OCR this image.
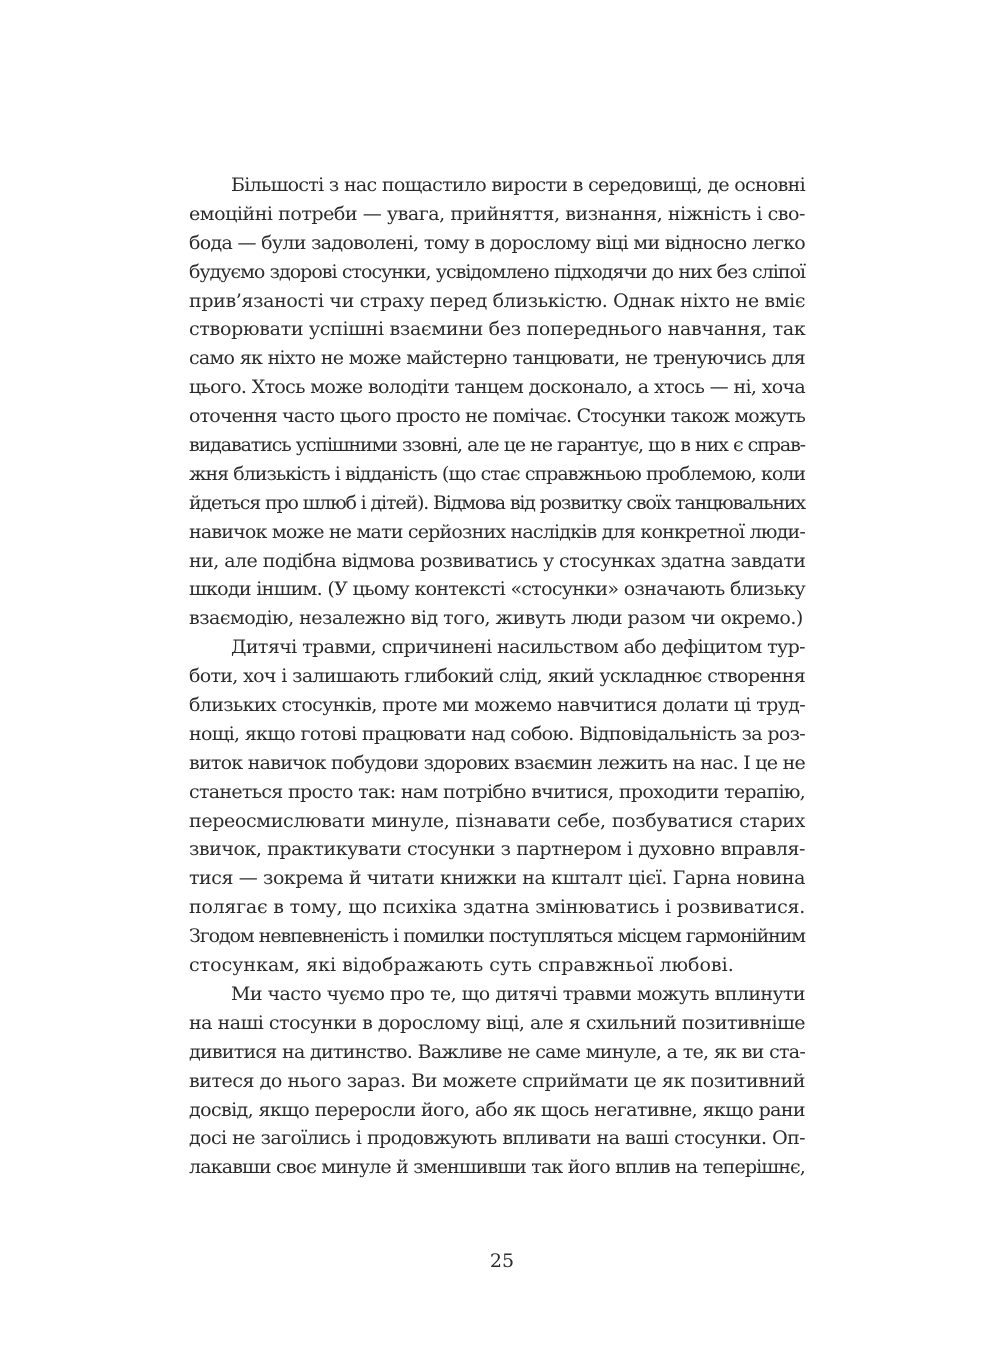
Більшості з нас пощастило вирости в середовищі, де основні
емоційні потреби — увага, прийняття, визнання, ніжність і сво-
бода — були задоволені, тому в дорослому віці ми відносно легко
будуємо здорові стосунки, усвідомлено підходячи до них без сліпої
прив’язаності чи страху перед близькістю. Однак ніхто не вміє
створювати успішні взаємини без попереднього навчання, так
само як ніхто не може майстерно танцювати, не тренуючись для
цього. Хтось може володіти танцем досконало, а хтось — ні, хоча
оточення часто цього просто не помічає. Стосунки також можуть
видаватись успішними ззовні, але це не гарантує, що в них є справ-
жня близькість і відданість (що стає справжньою проблемою, коли
йдеться про шлюб і дітей). Відмова від розвитку своїх танцювальних
навичок може не мати серйозних наслідків для конкретної люди-
ни, але подібна відмова розвиватись у стосунках здатна завдати
шкоди іншим. (У цьому контексті «стосунки» означають близьку
взаємодію, незалежно від того, живуть люди разом чи окремо.)
Дитячі травми, спричинені насильством або дефіцитом тур-
боти, хоч і залишають глибокий слід, який ускладнює створення
близьких стосунків, проте ми можемо навчитися долати ці труд-
нощі, якщо готові працювати над собою. Відповідальність за роз-
виток навичок побудови здорових взаємин лежить на нас. І це не
станеться просто так: нам потрібно вчитися, проходити терапію,
переосмислювати минуле, пізнавати себе, позбуватися старих
звичок, практикувати стосунки з партнером і духовно вправля-
тися — зокрема й читати книжки на кшталт цієї. Гарна новина
полягає в тому, що психіка здатна змінюватись і розвиватися.
Згодом невпевненість і помилки поступляться місцем гармонійним
стосункам, які відображають суть справжньої любові.
Ми часто чуємо про те, що дитячі травми можуть вплинути
на наші стосунки в дорослому віці, але я схильний позитивніше
дивитися на дитинство. Важливе не саме минуле, а те, як ви ста-
витеся до нього зараз. Ви можете сприймати це як позитивний
досвід, якщо переросли його, або як щось негативне, якщо рани
досі не загоїлись і продовжують впливати на ваші стосунки. Оп-
лакавши своє минуле й зменшивши так його вплив на теперішнє,
25
